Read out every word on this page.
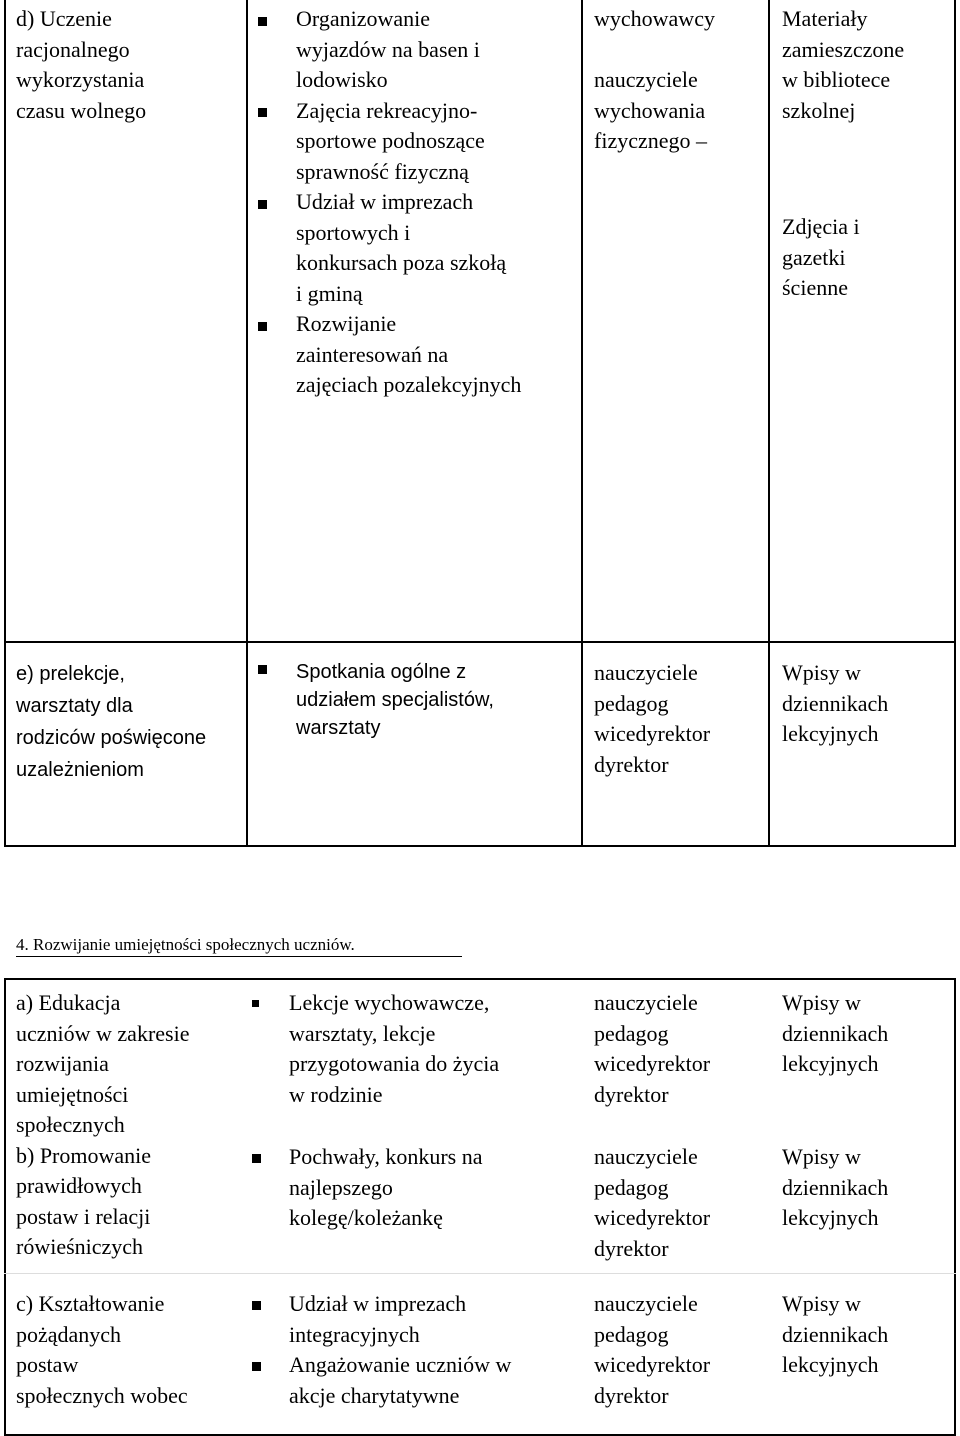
d) Uczenie
racjonalnego
wykorzystania
czasu wolnego
Organizowanie
wyjazdów na basen i
lodowisko
Zajęcia rekreacyjno-
sportowe podnoszące
sprawność fizyczną
Udział w imprezach
sportowych i
konkursach poza szkołą
i gminą
Rozwijanie
zainteresowań na
zajęciach pozalekcyjnych
wychowawcy

nauczyciele
wychowania
fizycznego –
Materiały
zamieszczone
w bibliotece
szkolnej
Zdjęcia i
gazetki
ścienne
e) prelekcje,
warsztaty dla
rodziców poświęcone
uzależnieniom
Spotkania ogólne z
udziałem specjalistów,
warsztaty
nauczyciele
pedagog
wicedyrektor
dyrektor
Wpisy w
dziennikach
lekcyjnych
4. Rozwijanie umiejętności społecznych uczniów.
a) Edukacja
uczniów w zakresie
rozwijania
umiejętności
społecznych
b) Promowanie
prawidłowych
postaw i relacji
rówieśniczych
Lekcje wychowawcze,
warsztaty, lekcje
przygotowania do życia
w rodzinie
Pochwały, konkurs na
najlepszego
kolegę/koleżankę
nauczyciele
pedagog
wicedyrektor
dyrektor
nauczyciele
pedagog
wicedyrektor
dyrektor
Wpisy w
dziennikach
lekcyjnych
Wpisy w
dziennikach
lekcyjnych
c) Kształtowanie
pożądanych
postaw
społecznych wobec
Udział w imprezach
integracyjnych
Angażowanie uczniów w
akcje charytatywne
nauczyciele
pedagog
wicedyrektor
dyrektor
Wpisy w
dziennikach
lekcyjnych
